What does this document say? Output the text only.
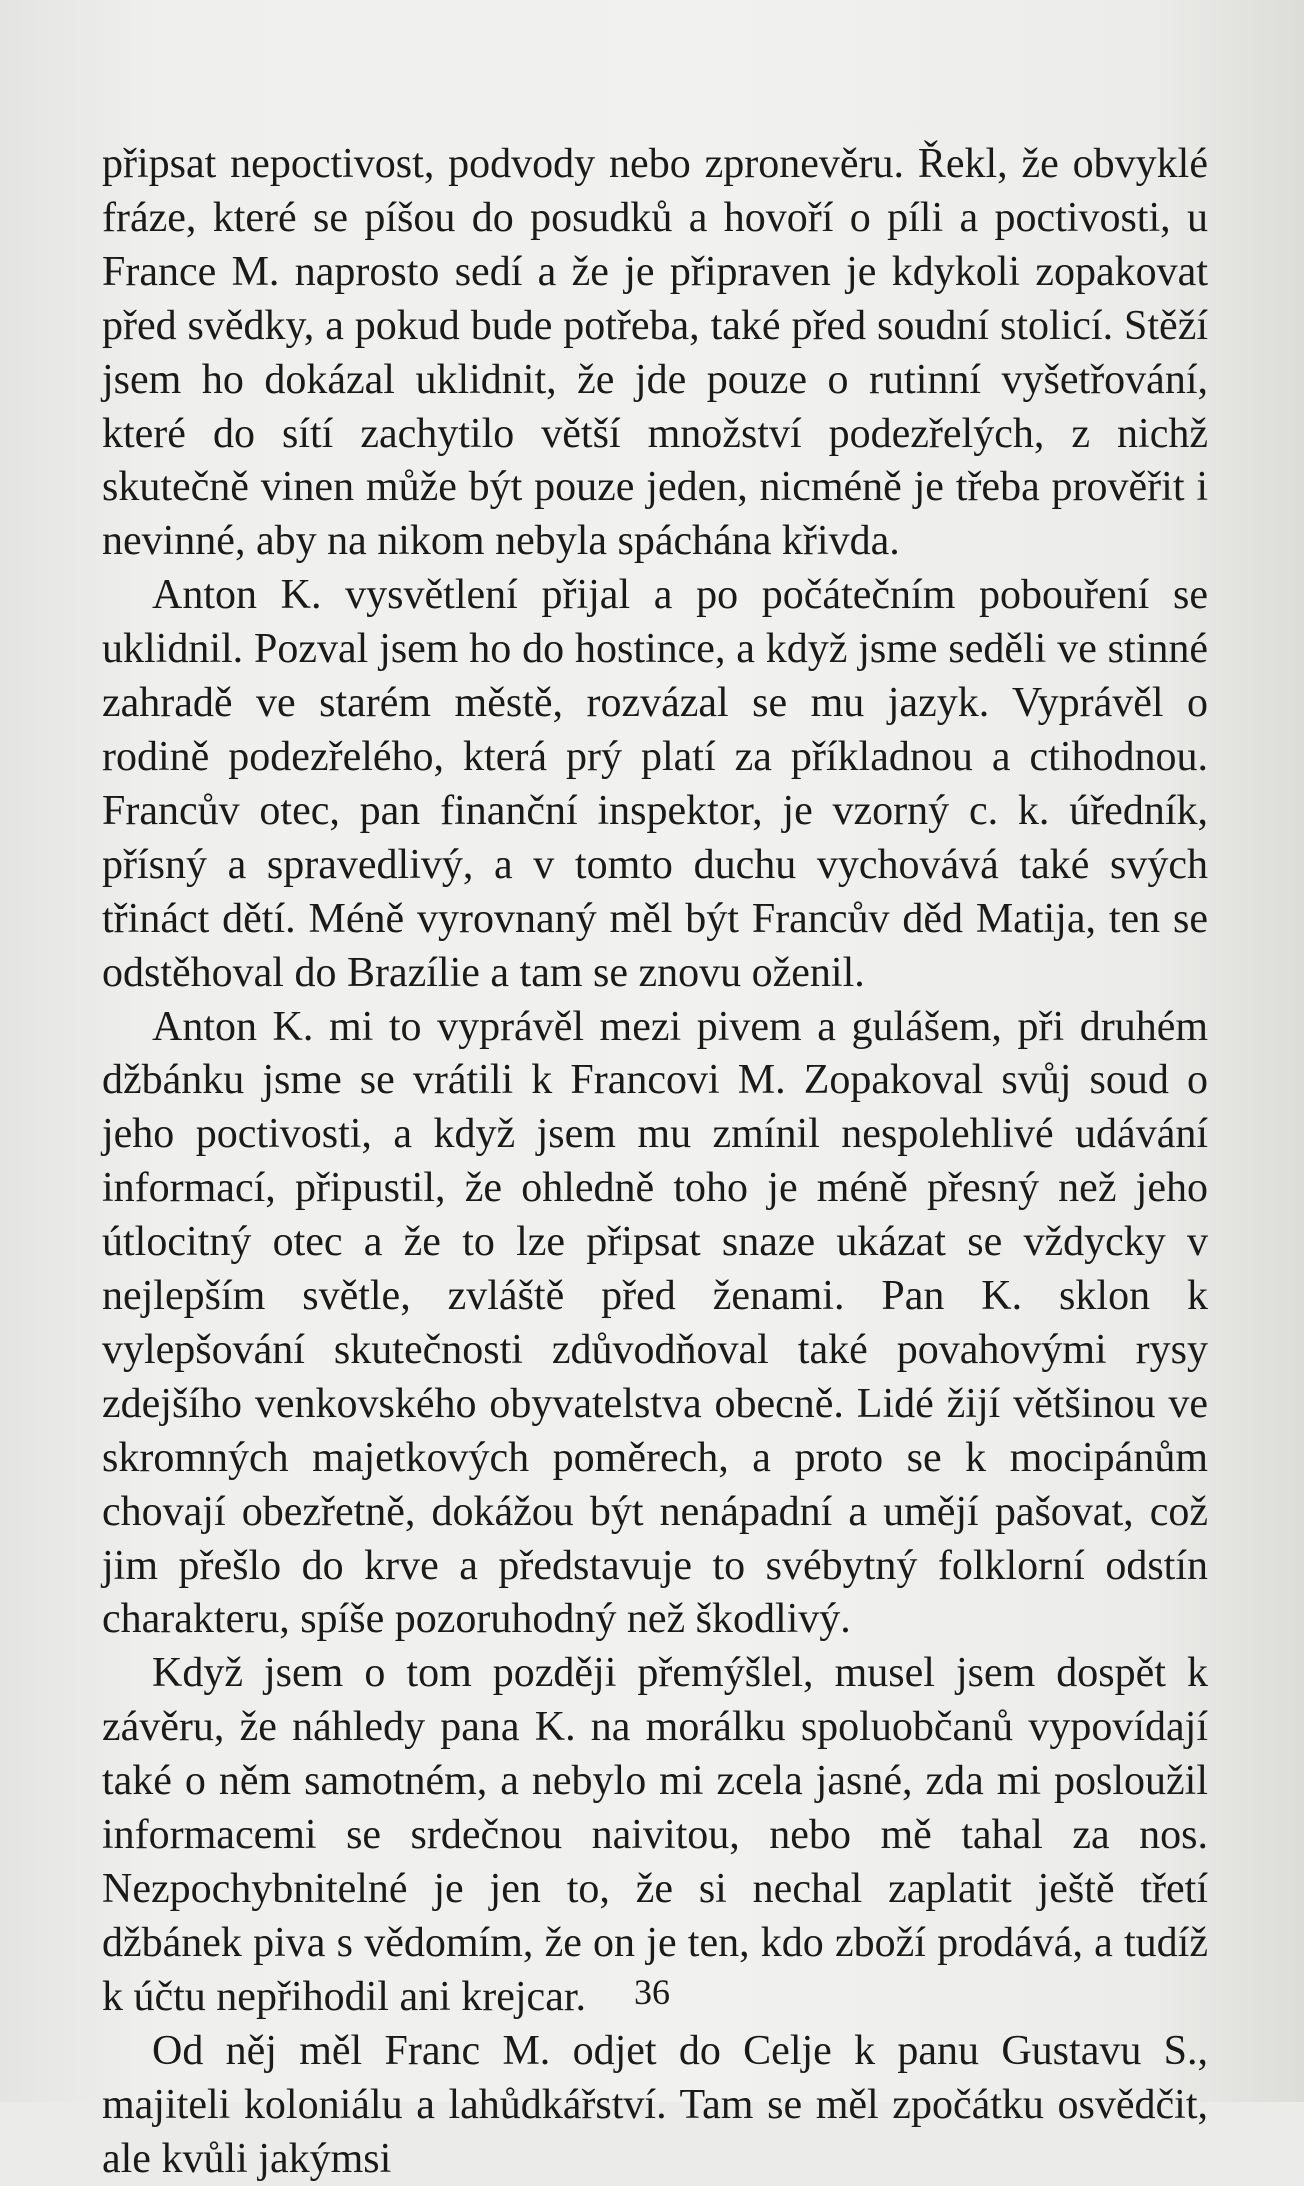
připsat nepoctivost, podvody nebo zpronevěru. Řekl, že obvyklé fráze, které se píšou do posudků a hovoří o píli a poctivosti, u France M. naprosto sedí a že je připraven je kdykoli zopakovat před svědky, a pokud bude potřeba, také před soudní stolicí. Stěží jsem ho dokázal uklidnit, že jde pouze o rutinní vyšetřování, které do sítí zachytilo větší množství podezřelých, z nichž skutečně vinen může být pouze jeden, nicméně je třeba prověřit i nevinné, aby na nikom nebyla spáchána křivda.

Anton K. vysvětlení přijal a po počátečním pobouření se uklidnil. Pozval jsem ho do hostince, a když jsme seděli ve stinné zahradě ve starém městě, rozvázal se mu jazyk. Vyprávěl o rodině podezřelého, která prý platí za příkladnou a ctihodnou. Francův otec, pan finanční inspektor, je vzorný c. k. úředník, přísný a spravedlivý, a v tomto duchu vychovává také svých třináct dětí. Méně vyrovnaný měl být Francův děd Matija, ten se odstěhoval do Brazílie a tam se znovu oženil.

Anton K. mi to vyprávěl mezi pivem a gulášem, při druhém džbánku jsme se vrátili k Francovi M. Zopakoval svůj soud o jeho poctivosti, a když jsem mu zmínil nespolehlivé udávání informací, připustil, že ohledně toho je méně přesný než jeho útlocitný otec a že to lze připsat snaze ukázat se vždycky v nejlepším světle, zvláště před ženami. Pan K. sklon k vylepšování skutečnosti zdůvodňoval také povahovými rysy zdejšího venkovského obyvatelstva obecně. Lidé žijí většinou ve skromných majetkových poměrech, a proto se k mocipánům chovají obezřetně, dokážou být nenápadní a umějí pašovat, což jim přešlo do krve a představuje to svébytný folklorní odstín charakteru, spíše pozoruhodný než škodlivý.

Když jsem o tom později přemýšlel, musel jsem dospět k závěru, že náhledy pana K. na morálku spoluobčanů vypovídají také o něm samotném, a nebylo mi zcela jasné, zda mi posloužil informacemi se srdečnou naivitou, nebo mě tahal za nos. Nezpochybnitelné je jen to, že si nechal zaplatit ještě třetí džbánek piva s vědomím, že on je ten, kdo zboží prodává, a tudíž k účtu nepřihodil ani krejcar.

Od něj měl Franc M. odjet do Celje k panu Gustavu S., majiteli koloniálu a lahůdkářství. Tam se měl zpočátku osvědčit, ale kvůli jakýmsi

36
